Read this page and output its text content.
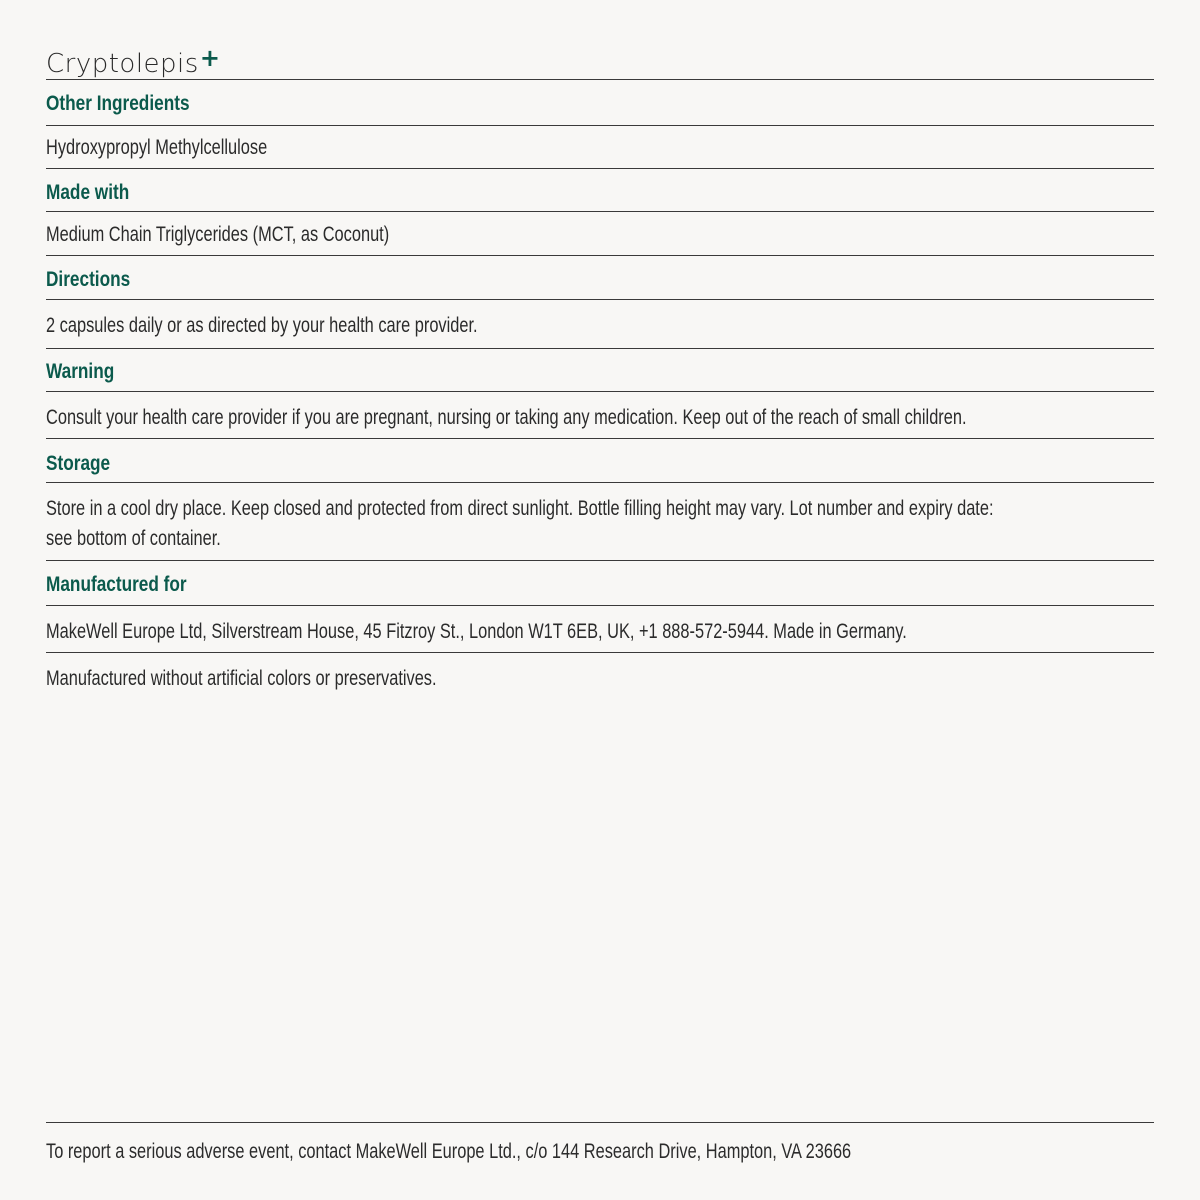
Cryptolepis+
Other Ingredients
Hydroxypropyl Methylcellulose
Made with
Medium Chain Triglycerides (MCT, as Coconut)
Directions
2 capsules daily or as directed by your health care provider.
Warning
Consult your health care provider if you are pregnant, nursing or taking any medication. Keep out of the reach of small children.
Storage
Store in a cool dry place. Keep closed and protected from direct sunlight. Bottle filling height may vary. Lot number and expiry date:
see bottom of container.
Manufactured for
MakeWell Europe Ltd, Silverstream House, 45 Fitzroy St., London W1T 6EB, UK, +1 888-572-5944. Made in Germany.
Manufactured without artificial colors or preservatives.
To report a serious adverse event, contact MakeWell Europe Ltd., c/o 144 Research Drive, Hampton, VA 23666
